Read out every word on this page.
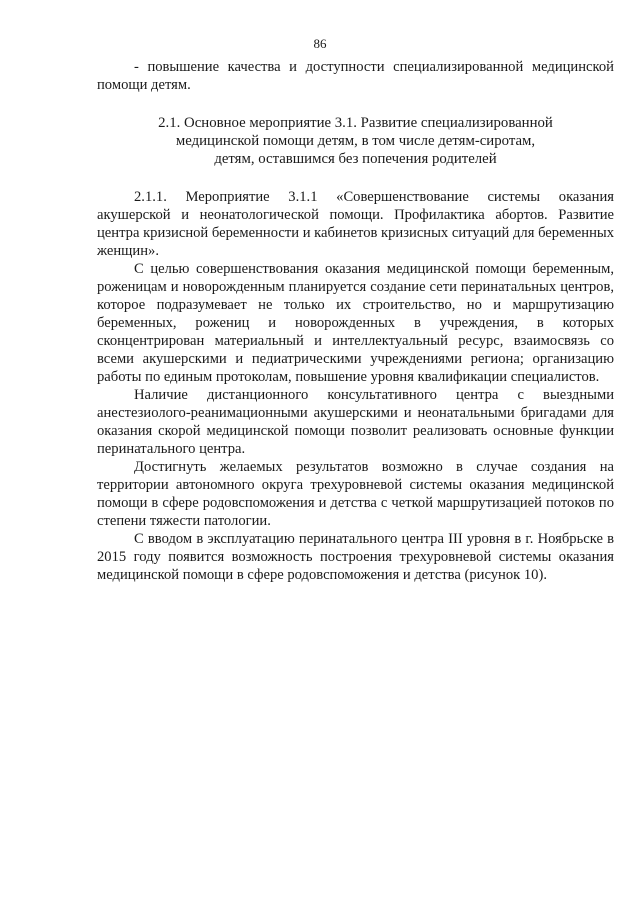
86

- повышение качества и доступности специализированной медицинской помощи детям.

2.1. Основное мероприятие 3.1. Развитие специализированной
медицинской помощи детям, в том числе детям-сиротам,
детям, оставшимся без попечения родителей

2.1.1. Мероприятие 3.1.1 «Совершенствование системы оказания акушерской и неонатологической помощи. Профилактика абортов. Развитие центра кризисной беременности и кабинетов кризисных ситуаций для беременных женщин».

С целью совершенствования оказания медицинской помощи беременным, роженицам и новорожденным планируется создание сети перинатальных центров, которое подразумевает не только их строительство, но и маршрутизацию беременных, рожениц и новорожденных в учреждения, в которых сконцентрирован материальный и интеллектуальный ресурс, взаимосвязь со всеми акушерскими и педиатрическими учреждениями региона; организацию работы по единым протоколам, повышение уровня квалификации специалистов.

Наличие дистанционного консультативного центра с выездными анестезиолого-реанимационными акушерскими и неонатальными бригадами для оказания скорой медицинской помощи позволит реализовать основные функции перинатального центра.

Достигнуть желаемых результатов возможно в случае создания на территории автономного округа трехуровневой системы оказания медицинской помощи в сфере родовспоможения и детства с четкой маршрутизацией потоков по степени тяжести патологии.

С вводом в эксплуатацию перинатального центра III уровня в г. Ноябрьске в 2015 году появится возможность построения трехуровневой системы оказания медицинской помощи в сфере родовспоможения и детства (рисунок 10).
